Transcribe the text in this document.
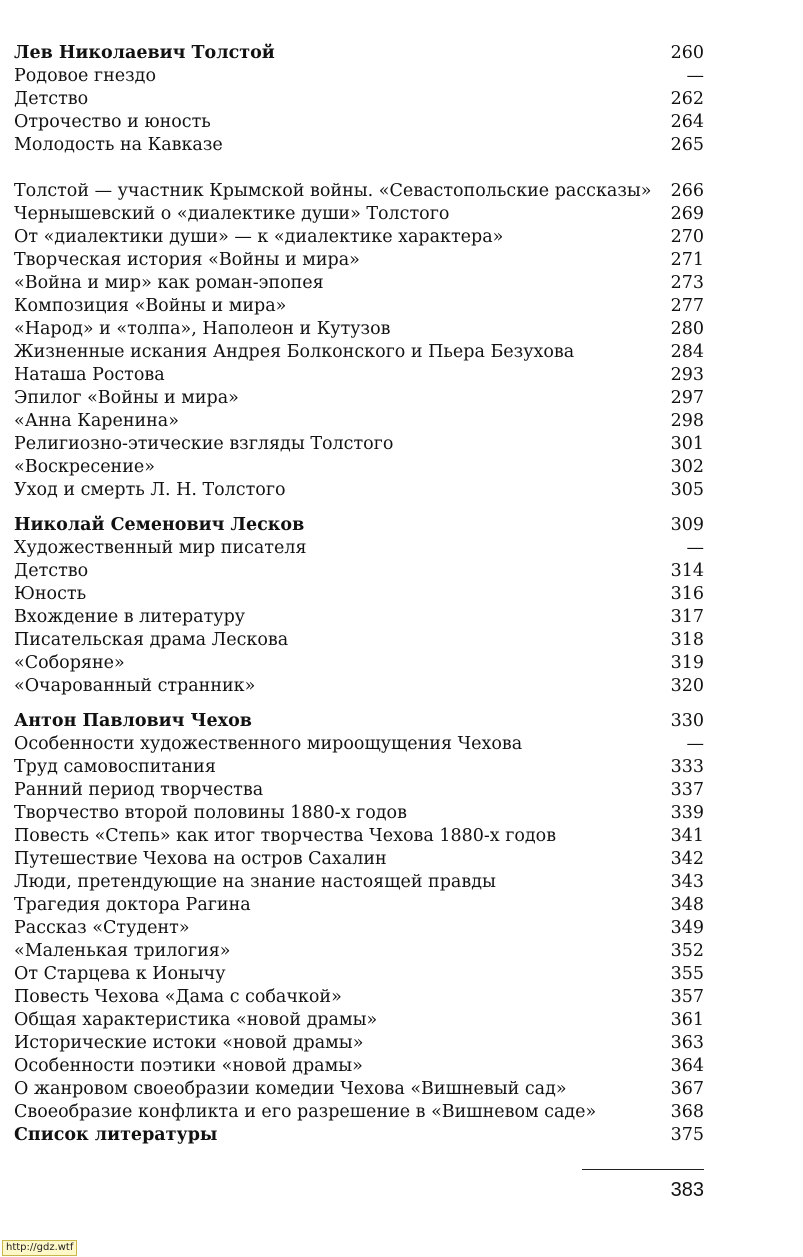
Лев Николаевич Толстой	260
Родовое гнездо	—
Детство	262
Отрочество и юность	264
Молодость на Кавказе	265
Толстой — участник Крымской войны. «Севастопольские рассказы» 266
Чернышевский о «диалектике души» Толстого	269
От «диалектики души» — к «диалектике характера»	270
Творческая история «Войны и мира»	271
«Война и мир» как роман-эпопея	273
Композиция «Войны и мира»	277
«Народ» и «толпа», Наполеон и Кутузов	280
Жизненные искания Андрея Болконского и Пьера Безухова	284
Наташа Ростова	293
Эпилог «Войны и мира»	297
«Анна Каренина»	298
Религиозно-этические взгляды Толстого	301
«Воскресение»	302
Уход и смерть Л. Н. Толстого	305
Николай Семенович Лесков	309
Художественный мир писателя	—
Детство	314
Юность	316
Вхождение в литературу	317
Писательская драма Лескова	318
«Соборяне»	319
«Очарованный странник»	320
Антон Павлович Чехов	330
Особенности художественного мироощущения Чехова	—
Труд самовоспитания	333
Ранний период творчества	337
Творчество второй половины 1880-х годов	339
Повесть «Степь» как итог творчества Чехова 1880-х годов	341
Путешествие Чехова на остров Сахалин	342
Люди, претендующие на знание настоящей правды	343
Трагедия доктора Рагина	348
Рассказ «Студент»	349
«Маленькая трилогия»	352
От Старцева к Ионычу	355
Повесть Чехова «Дама с собачкой»	357
Общая характеристика «новой драмы»	361
Исторические истоки «новой драмы»	363
Особенности поэтики «новой драмы»	364
О жанровом своеобразии комедии Чехова «Вишневый сад»	367
Своеобразие конфликта и его разрешение в «Вишневом саде»	368
Список литературы	375
383
http://gdz.wtf
